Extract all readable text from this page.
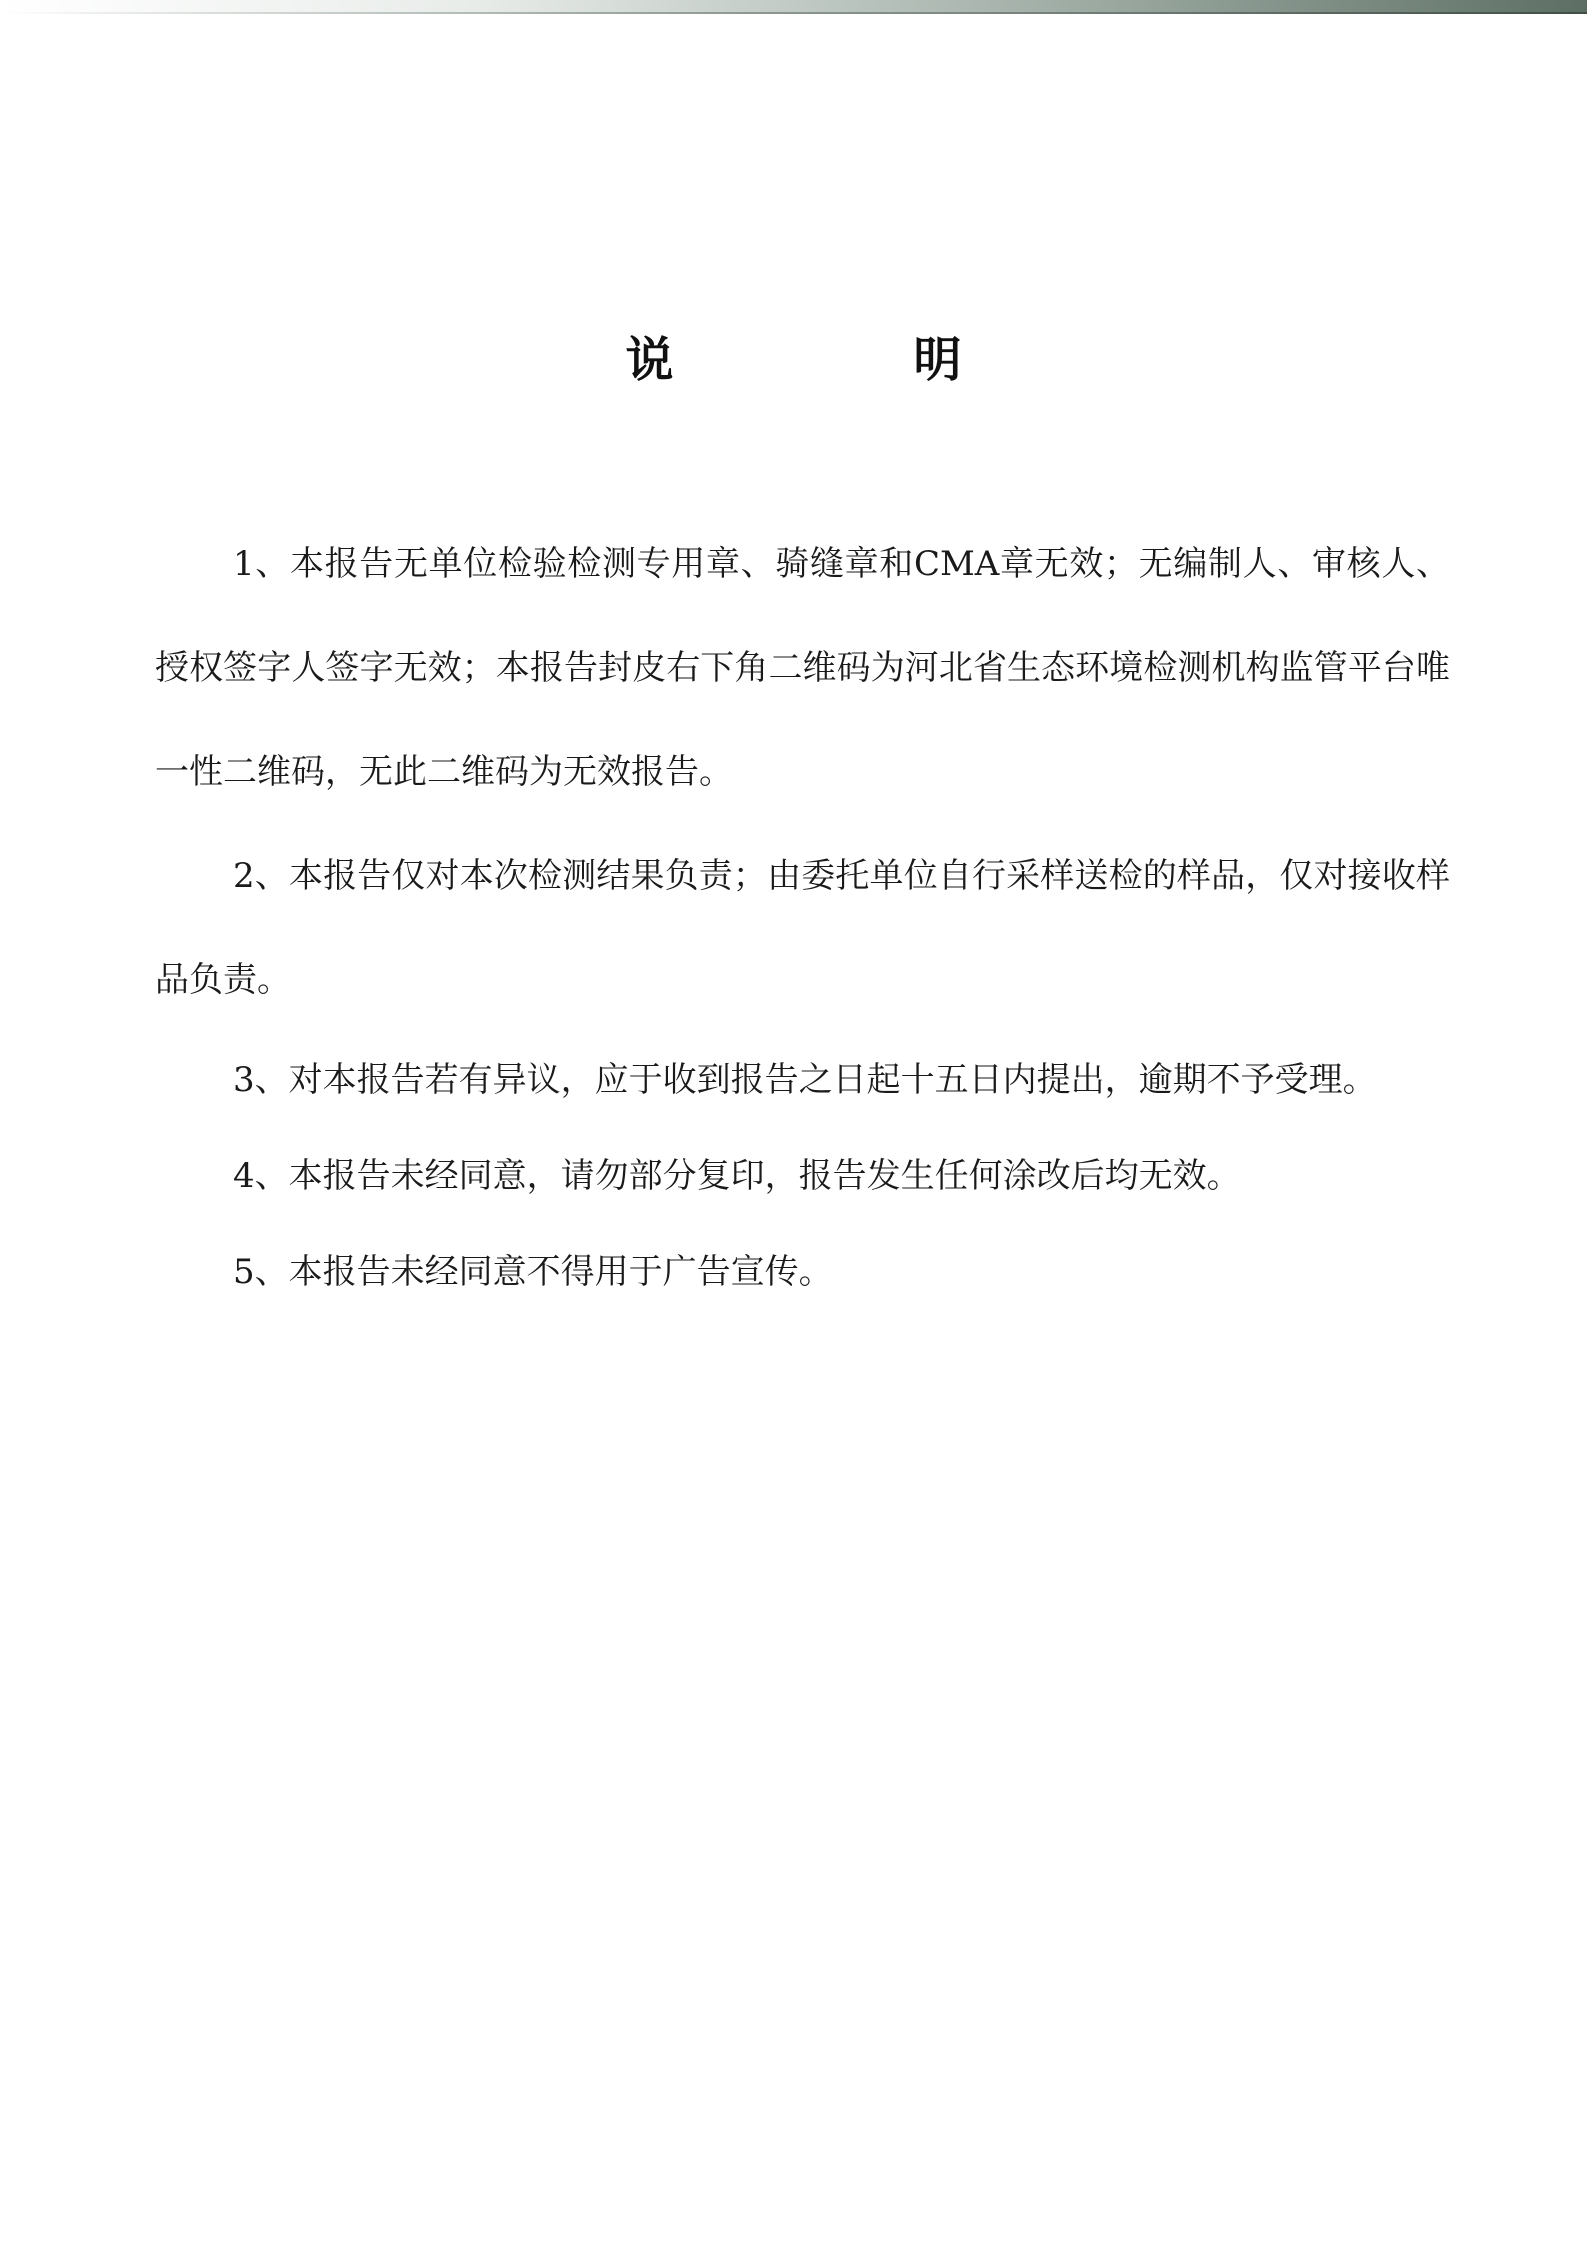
说　明

1、本报告无单位检验检测专用章、骑缝章和CMA章无效；无编制人、审核人、授权签字人签字无效；本报告封皮右下角二维码为河北省生态环境检测机构监管平台唯一性二维码，无此二维码为无效报告。

2、本报告仅对本次检测结果负责；由委托单位自行采样送检的样品，仅对接收样品负责。

3、对本报告若有异议，应于收到报告之日起十五日内提出，逾期不予受理。

4、本报告未经同意，请勿部分复印，报告发生任何涂改后均无效。

5、本报告未经同意不得用于广告宣传。
